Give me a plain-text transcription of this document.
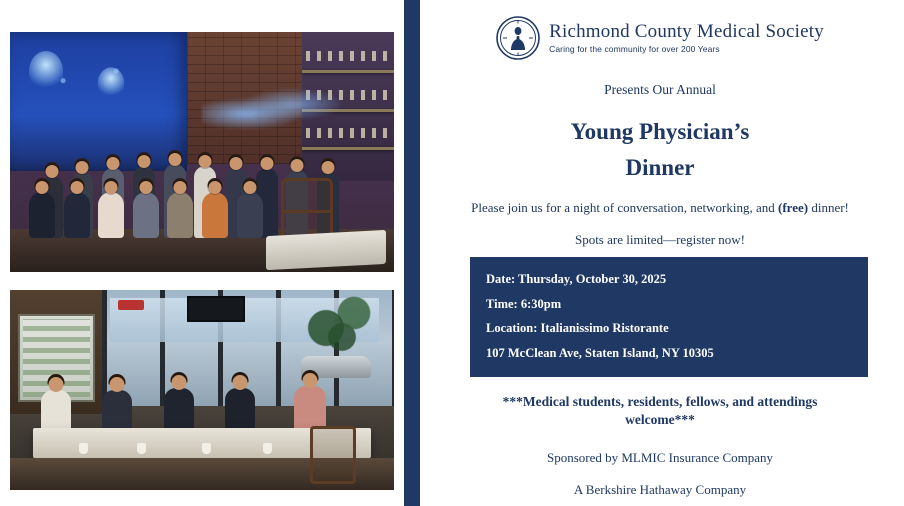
Richmond County Medical Society
Caring for the community for over 200 Years
Presents Our Annual
Young Physician’s
Dinner
Please join us for a night of conversation, networking, and (free) dinner!
Spots are limited—register now!
Date: Thursday, October 30, 2025
Time: 6:30pm
Location: Italianissimo Ristorante
107 McClean Ave, Staten Island, NY 10305
***Medical students, residents, fellows, and attendings
welcome***
Sponsored by MLMIC Insurance Company
A Berkshire Hathaway Company
